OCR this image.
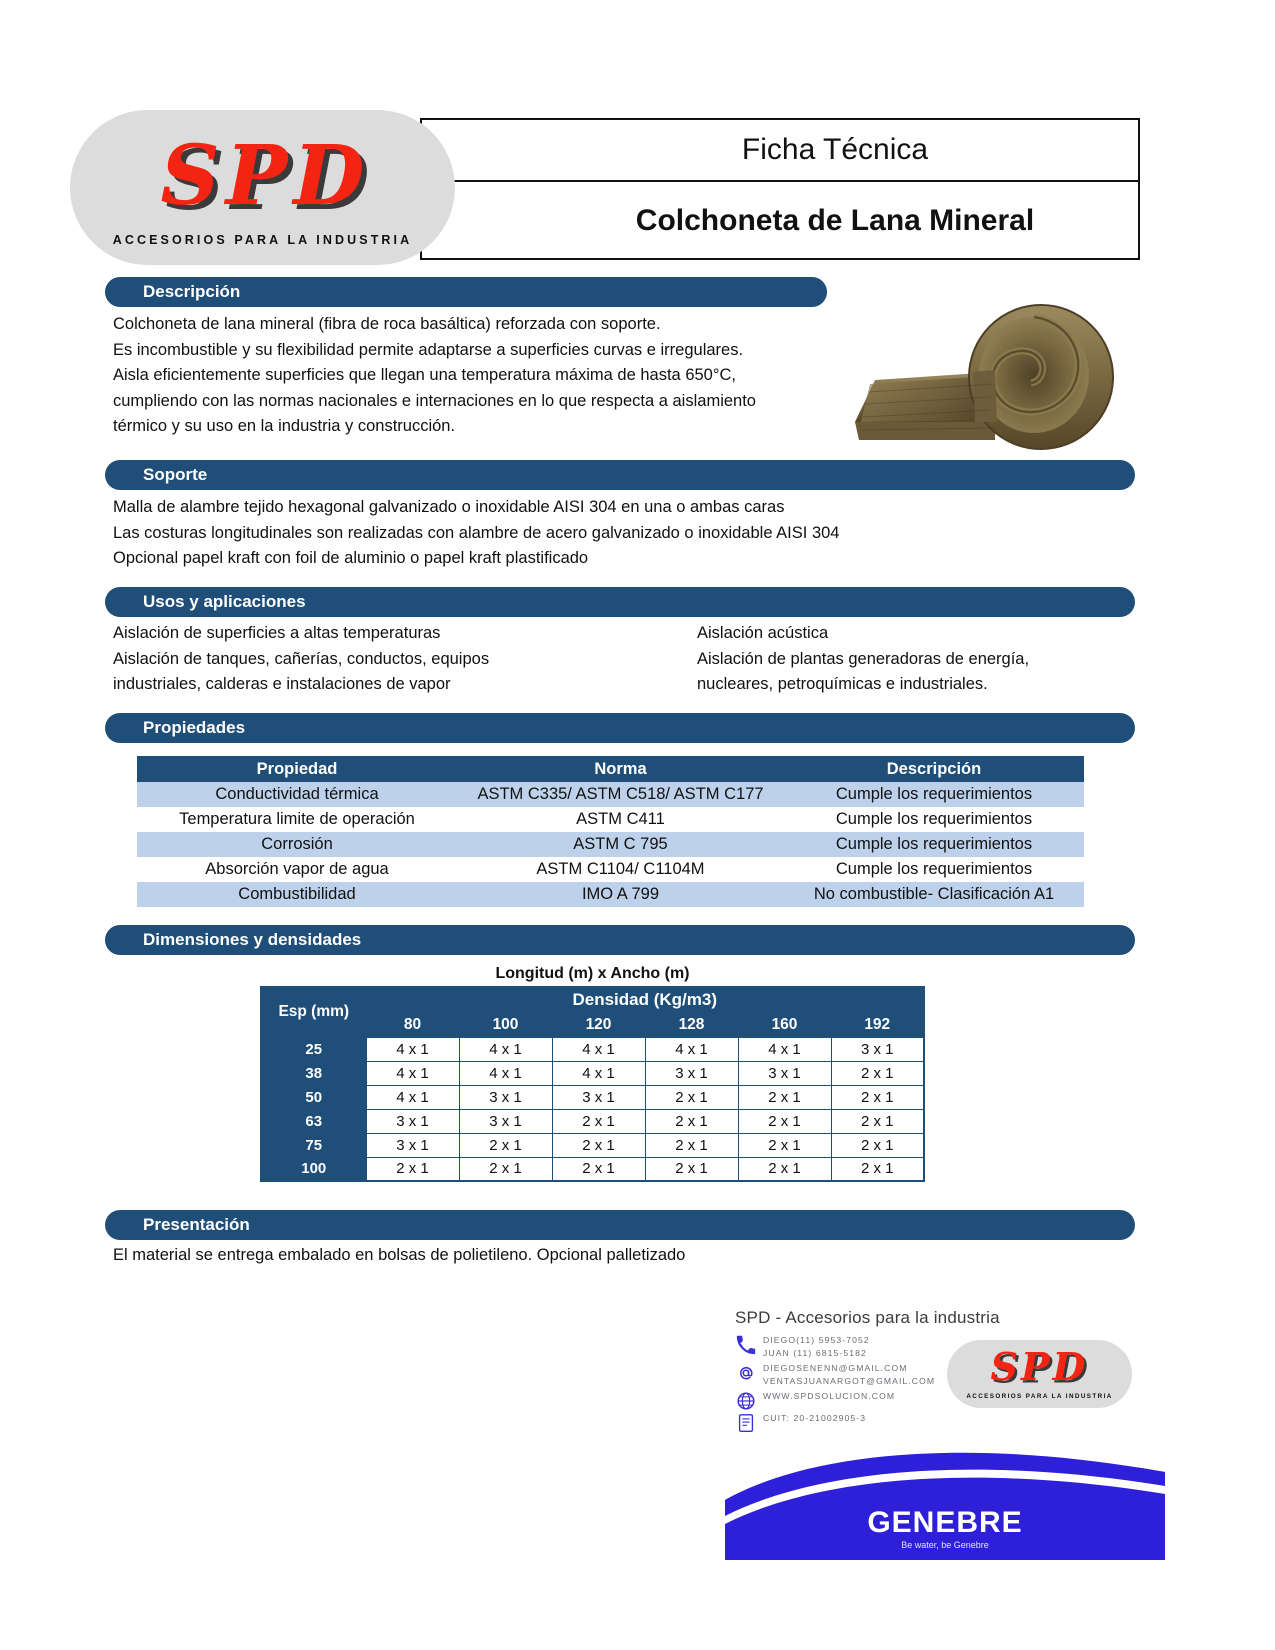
Ficha Técnica
Colchoneta de Lana Mineral
SPD
ACCESORIOS PARA LA INDUSTRIA
Descripción
Colchoneta de lana mineral (fibra de roca basáltica) reforzada con soporte.
Es incombustible y su flexibilidad permite adaptarse a superficies curvas e irregulares.
Aisla eficientemente superficies que llegan una temperatura máxima de hasta 650°C,
cumpliendo con las normas nacionales e internaciones en lo que respecta a aislamiento
térmico y su uso en la industria y construcción.
Soporte
Malla de alambre tejido hexagonal galvanizado o inoxidable AISI 304 en una o ambas caras
Las costuras longitudinales son realizadas con alambre de acero galvanizado o inoxidable AISI 304
Opcional papel kraft con foil de aluminio o papel kraft plastificado
Usos y aplicaciones
Aislación de superficies a altas temperaturas
Aislación de tanques, cañerías, conductos, equipos
industriales, calderas e instalaciones de vapor
Aislación acústica
Aislación de plantas generadoras de energía,
nucleares, petroquímicas e industriales.
Propiedades
Propiedad	Norma	Descripción
Conductividad térmica	ASTM C335/ ASTM C518/ ASTM C177	Cumple los requerimientos
Temperatura limite de operación	ASTM C411	Cumple los requerimientos
Corrosión	ASTM C 795	Cumple los requerimientos
Absorción vapor de agua	ASTM C1104/ C1104M	Cumple los requerimientos
Combustibilidad	IMO A 799	No combustible- Clasificación A1
Dimensiones y densidades
Longitud (m) x Ancho (m)
Esp (mm)	Densidad (Kg/m3)					
	80	100	120	128	160	192
25	4 x 1	4 x 1	4 x 1	4 x 1	4 x 1	3 x 1
38	4 x 1	4 x 1	4 x 1	3 x 1	3 x 1	2 x 1
50	4 x 1	3 x 1	3 x 1	2 x 1	2 x 1	2 x 1
63	3 x 1	3 x 1	2 x 1	2 x 1	2 x 1	2 x 1
75	3 x 1	2 x 1	2 x 1	2 x 1	2 x 1	2 x 1
100	2 x 1	2 x 1	2 x 1	2 x 1	2 x 1	2 x 1
Presentación
El material se entrega embalado en bolsas de polietileno. Opcional palletizado
SPD - Accesorios para la industria
DIEGO(11) 5953-7052
JUAN (11) 6815-5182
DIEGOSENENN@GMAIL.COM
VENTASJUANARGOT@GMAIL.COM
WWW.SPDSOLUCION.COM
CUIT: 20-21002905-3
SPD
ACCESORIOS PARA LA INDUSTRIA
GENEBRE
Be water, be Genebre
